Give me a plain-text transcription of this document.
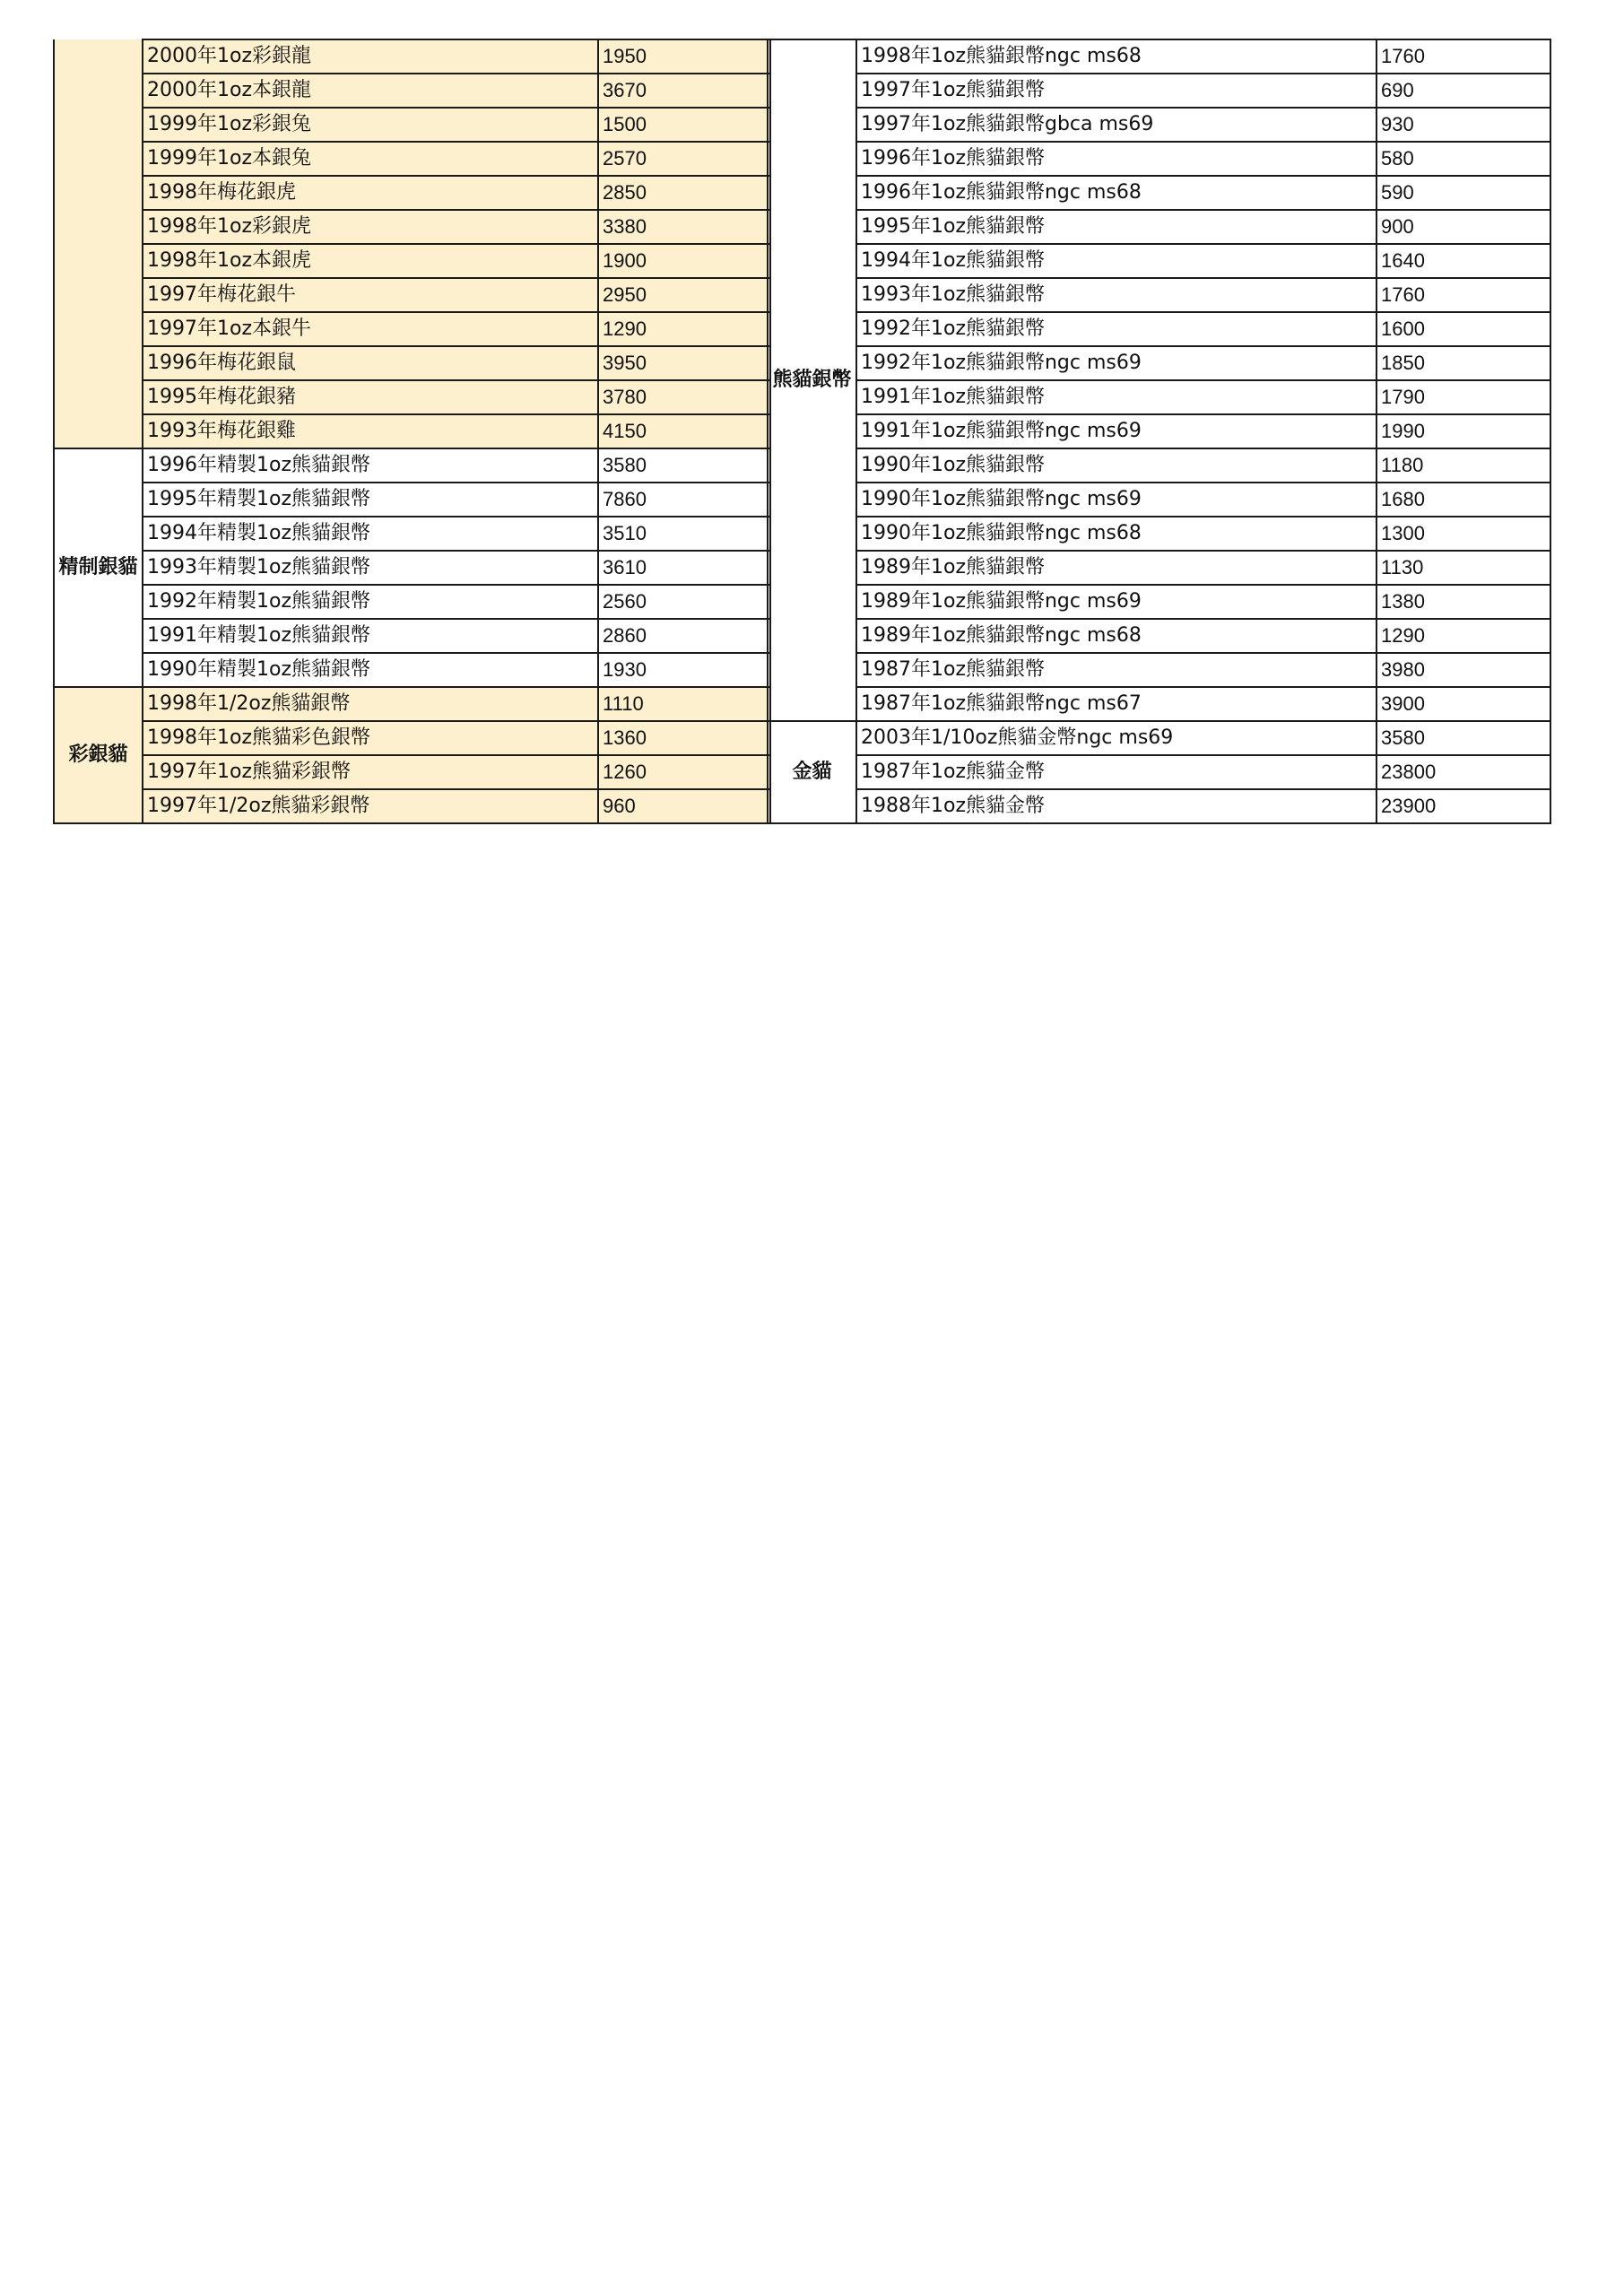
	2000年1oz彩銀龍	1950
	2000年1oz本銀龍	3670
	1999年1oz彩銀兔	1500
	1999年1oz本銀兔	2570
	1998年梅花銀虎	2850
	1998年1oz彩銀虎	3380
	1998年1oz本銀虎	1900
	1997年梅花銀牛	2950
	1997年1oz本銀牛	1290
	1996年梅花銀鼠	3950
	1995年梅花銀豬	3780
	1993年梅花銀雞	4150
精制銀貓	1996年精製1oz熊貓銀幣	3580
	1995年精製1oz熊貓銀幣	7860
	1994年精製1oz熊貓銀幣	3510
	1993年精製1oz熊貓銀幣	3610
	1992年精製1oz熊貓銀幣	2560
	1991年精製1oz熊貓銀幣	2860
	1990年精製1oz熊貓銀幣	1930
彩銀貓	1998年1/2oz熊貓銀幣	1110
	1998年1oz熊貓彩色銀幣	1360
	1997年1oz熊貓彩銀幣	1260
	1997年1/2oz熊貓彩銀幣	960
熊貓銀幣	1998年1oz熊貓銀幣ngc ms68	1760
	1997年1oz熊貓銀幣	690
	1997年1oz熊貓銀幣gbca ms69	930
	1996年1oz熊貓銀幣	580
	1996年1oz熊貓銀幣ngc ms68	590
	1995年1oz熊貓銀幣	900
	1994年1oz熊貓銀幣	1640
	1993年1oz熊貓銀幣	1760
	1992年1oz熊貓銀幣	1600
	1992年1oz熊貓銀幣ngc ms69	1850
	1991年1oz熊貓銀幣	1790
	1991年1oz熊貓銀幣ngc ms69	1990
	1990年1oz熊貓銀幣	1180
	1990年1oz熊貓銀幣ngc ms69	1680
	1990年1oz熊貓銀幣ngc ms68	1300
	1989年1oz熊貓銀幣	1130
	1989年1oz熊貓銀幣ngc ms69	1380
	1989年1oz熊貓銀幣ngc ms68	1290
	1987年1oz熊貓銀幣	3980
	1987年1oz熊貓銀幣ngc ms67	3900
金貓	2003年1/10oz熊貓金幣ngc ms69	3580
	1987年1oz熊貓金幣	23800
	1988年1oz熊貓金幣	23900
